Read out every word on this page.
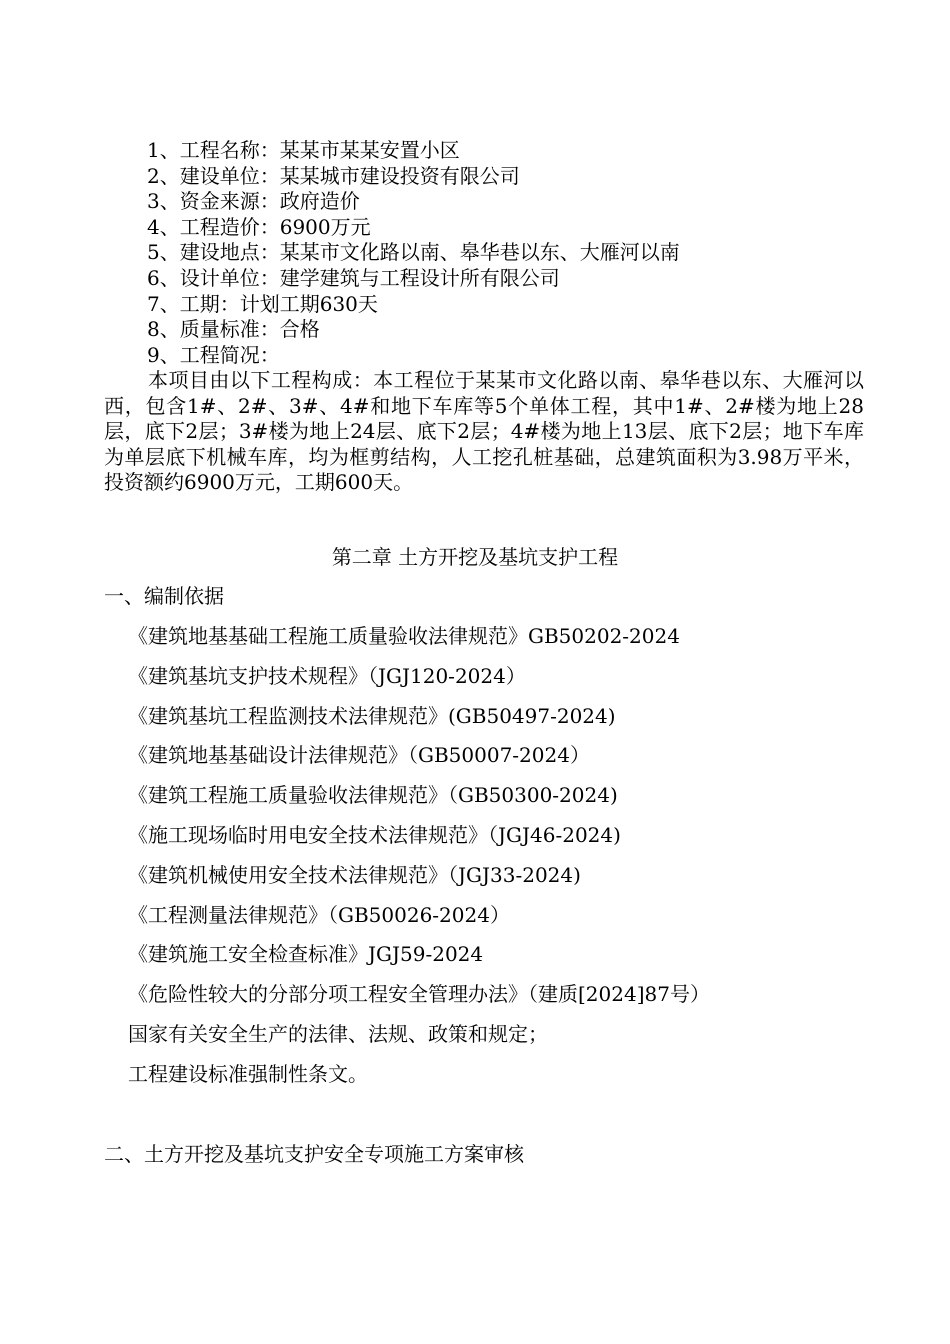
1、工程名称：某某市某某安置小区
2、建设单位：某某城市建设投资有限公司
3、资金来源：政府造价
4、工程造价：6900万元
5、建设地点：某某市文化路以南、皋华巷以东、大雁河以南
6、设计单位：建学建筑与工程设计所有限公司
7、工期：计划工期630天
8、质量标准：合格
9、工程简况：
本项目由以下工程构成：本工程位于某某市文化路以南、皋华巷以东、大雁河以西，包含1#、2#、3#、4#和地下车库等5个单体工程，其中1#、2#楼为地上28层，底下2层；3#楼为地上24层、底下2层；4#楼为地上13层、底下2层；地下车库为单层底下机械车库，均为框剪结构，人工挖孔桩基础，总建筑面积为3.98万平米，投资额约6900万元，工期600天。
第二章 土方开挖及基坑支护工程
一、编制依据
《建筑地基基础工程施工质量验收法律规范》GB50202-2024
《建筑基坑支护技术规程》（JGJ120-2024）
《建筑基坑工程监测技术法律规范》(GB50497-2024)
《建筑地基基础设计法律规范》（GB50007-2024）
《建筑工程施工质量验收法律规范》（GB50300-2024)
《施工现场临时用电安全技术法律规范》（JGJ46-2024)
《建筑机械使用安全技术法律规范》（JGJ33-2024)
《工程测量法律规范》（GB50026-2024）
《建筑施工安全检查标准》JGJ59-2024
《危险性较大的分部分项工程安全管理办法》（建质[2024]87号）
国家有关安全生产的法律、法规、政策和规定；
工程建设标准强制性条文。
二、土方开挖及基坑支护安全专项施工方案审核
